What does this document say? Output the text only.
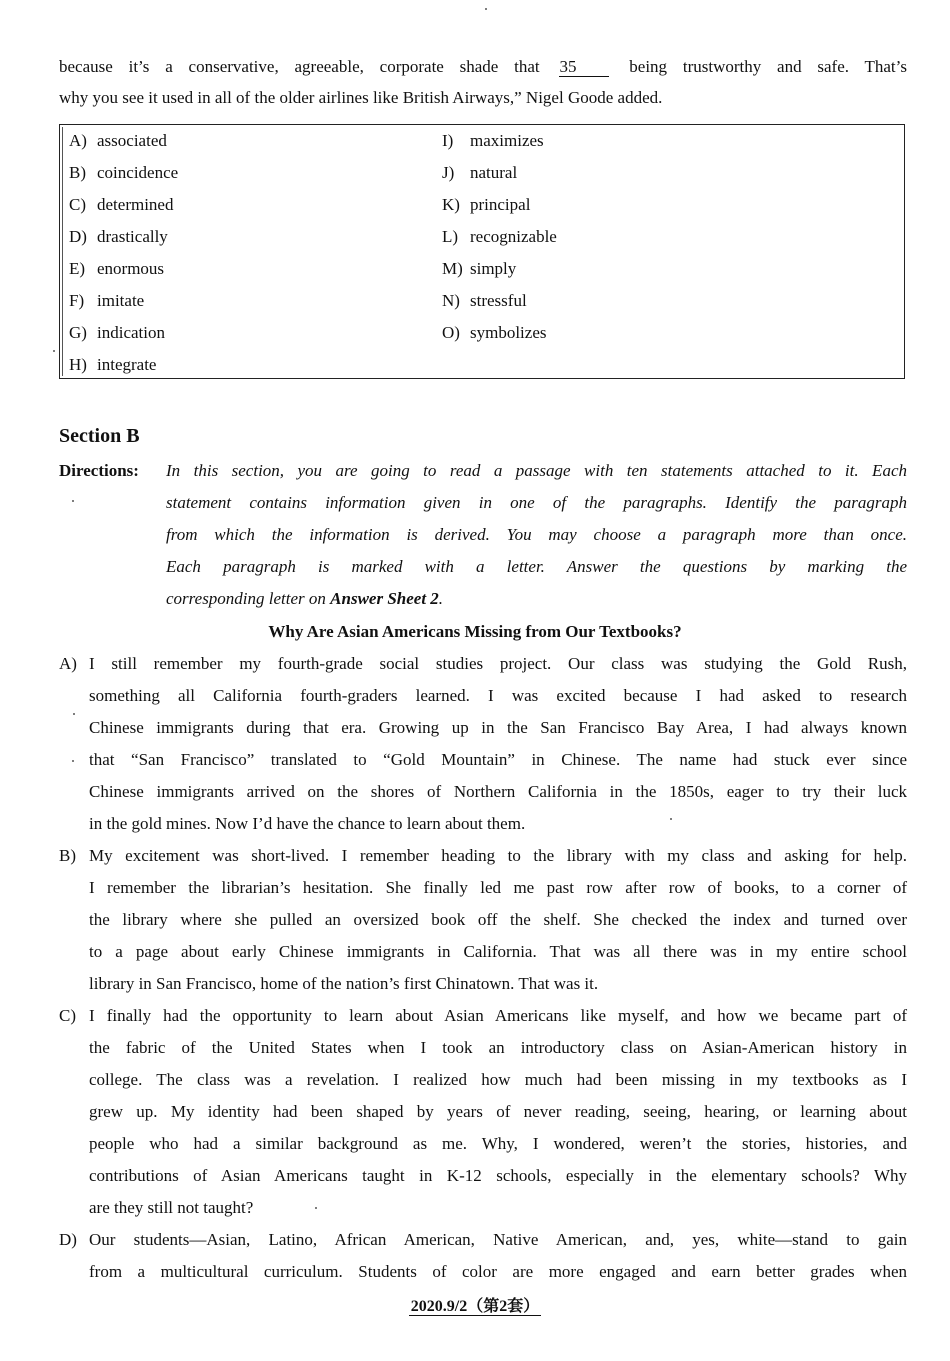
because it’s a conservative, agreeable, corporate shade that 35	being trustworthy and safe. That’s
why you see it used in all of the older airlines like British Airways,” Nigel Goode added.
A) associated
B) coincidence
C) determined
D) drastically
E) enormous
F) imitate
G) indication
H) integrate
I) maximizes
J) natural
K) principal
L) recognizable
M) simply
N) stressful
O) symbolizes
Section B
Directions: In this section, you are going to read a passage with ten statements attached to it. Each
statement contains information given in one of the paragraphs. Identify the paragraph
from which the information is derived. You may choose a paragraph more than once.
Each paragraph is marked with a letter. Answer the questions by marking the
corresponding letter on Answer Sheet 2.
Why Are Asian Americans Missing from Our Textbooks?
A) I still remember my fourth-grade social studies project. Our class was studying the Gold Rush,
something all California fourth-graders learned. I was excited because I had asked to research
Chinese immigrants during that era. Growing up in the San Francisco Bay Area, I had always known
that “San Francisco” translated to “Gold Mountain” in Chinese. The name had stuck ever since
Chinese immigrants arrived on the shores of Northern California in the 1850s, eager to try their luck
in the gold mines. Now I’d have the chance to learn about them.
B) My excitement was short-lived. I remember heading to the library with my class and asking for help.
I remember the librarian’s hesitation. She finally led me past row after row of books, to a corner of
the library where she pulled an oversized book off the shelf. She checked the index and turned over
to a page about early Chinese immigrants in California. That was all there was in my entire school
library in San Francisco, home of the nation’s first Chinatown. That was it.
C) I finally had the opportunity to learn about Asian Americans like myself, and how we became part of
the fabric of the United States when I took an introductory class on Asian-American history in
college. The class was a revelation. I realized how much had been missing in my textbooks as I
grew up. My identity had been shaped by years of never reading, seeing, hearing, or learning about
people who had a similar background as me. Why, I wondered, weren’t the stories, histories, and
contributions of Asian Americans taught in K-12 schools, especially in the elementary schools? Why
are they still not taught?
D) Our students—Asian, Latino, African American, Native American, and, yes, white—stand to gain
from a multicultural curriculum. Students of color are more engaged and earn better grades when
2020.9/2（第2套）
